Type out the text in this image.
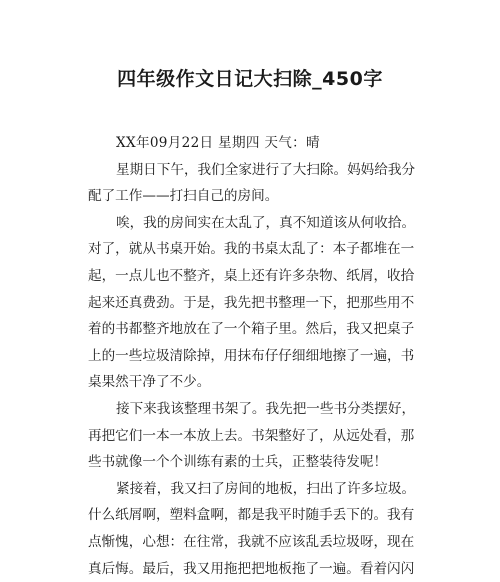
四年级作文日记大扫除_450字
XX年09月22日 星期四 天气：晴
星期日下午，我们全家进行了大扫除。妈妈给我分
配了工作——打扫自己的房间。
唉，我的房间实在太乱了，真不知道该从何收拾。
对了，就从书桌开始。我的书桌太乱了：本子都堆在一
起，一点儿也不整齐，桌上还有许多杂物、纸屑，收拾
起来还真费劲。于是，我先把书整理一下，把那些用不
着的书都整齐地放在了一个箱子里。然后，我又把桌子
上的一些垃圾清除掉，用抹布仔仔细细地擦了一遍，书
桌果然干净了不少。
接下来我该整理书架了。我先把一些书分类摆好，
再把它们一本一本放上去。书架整好了，从远处看，那
些书就像一个个训练有素的士兵，正整装待发呢！
紧接着，我又扫了房间的地板，扫出了许多垃圾。
什么纸屑啊，塑料盒啊，都是我平时随手丢下的。我有
点惭愧，心想：在往常，我就不应该乱丢垃圾呀，现在
真后悔。最后，我又用拖把把地板拖了一遍。看着闪闪
